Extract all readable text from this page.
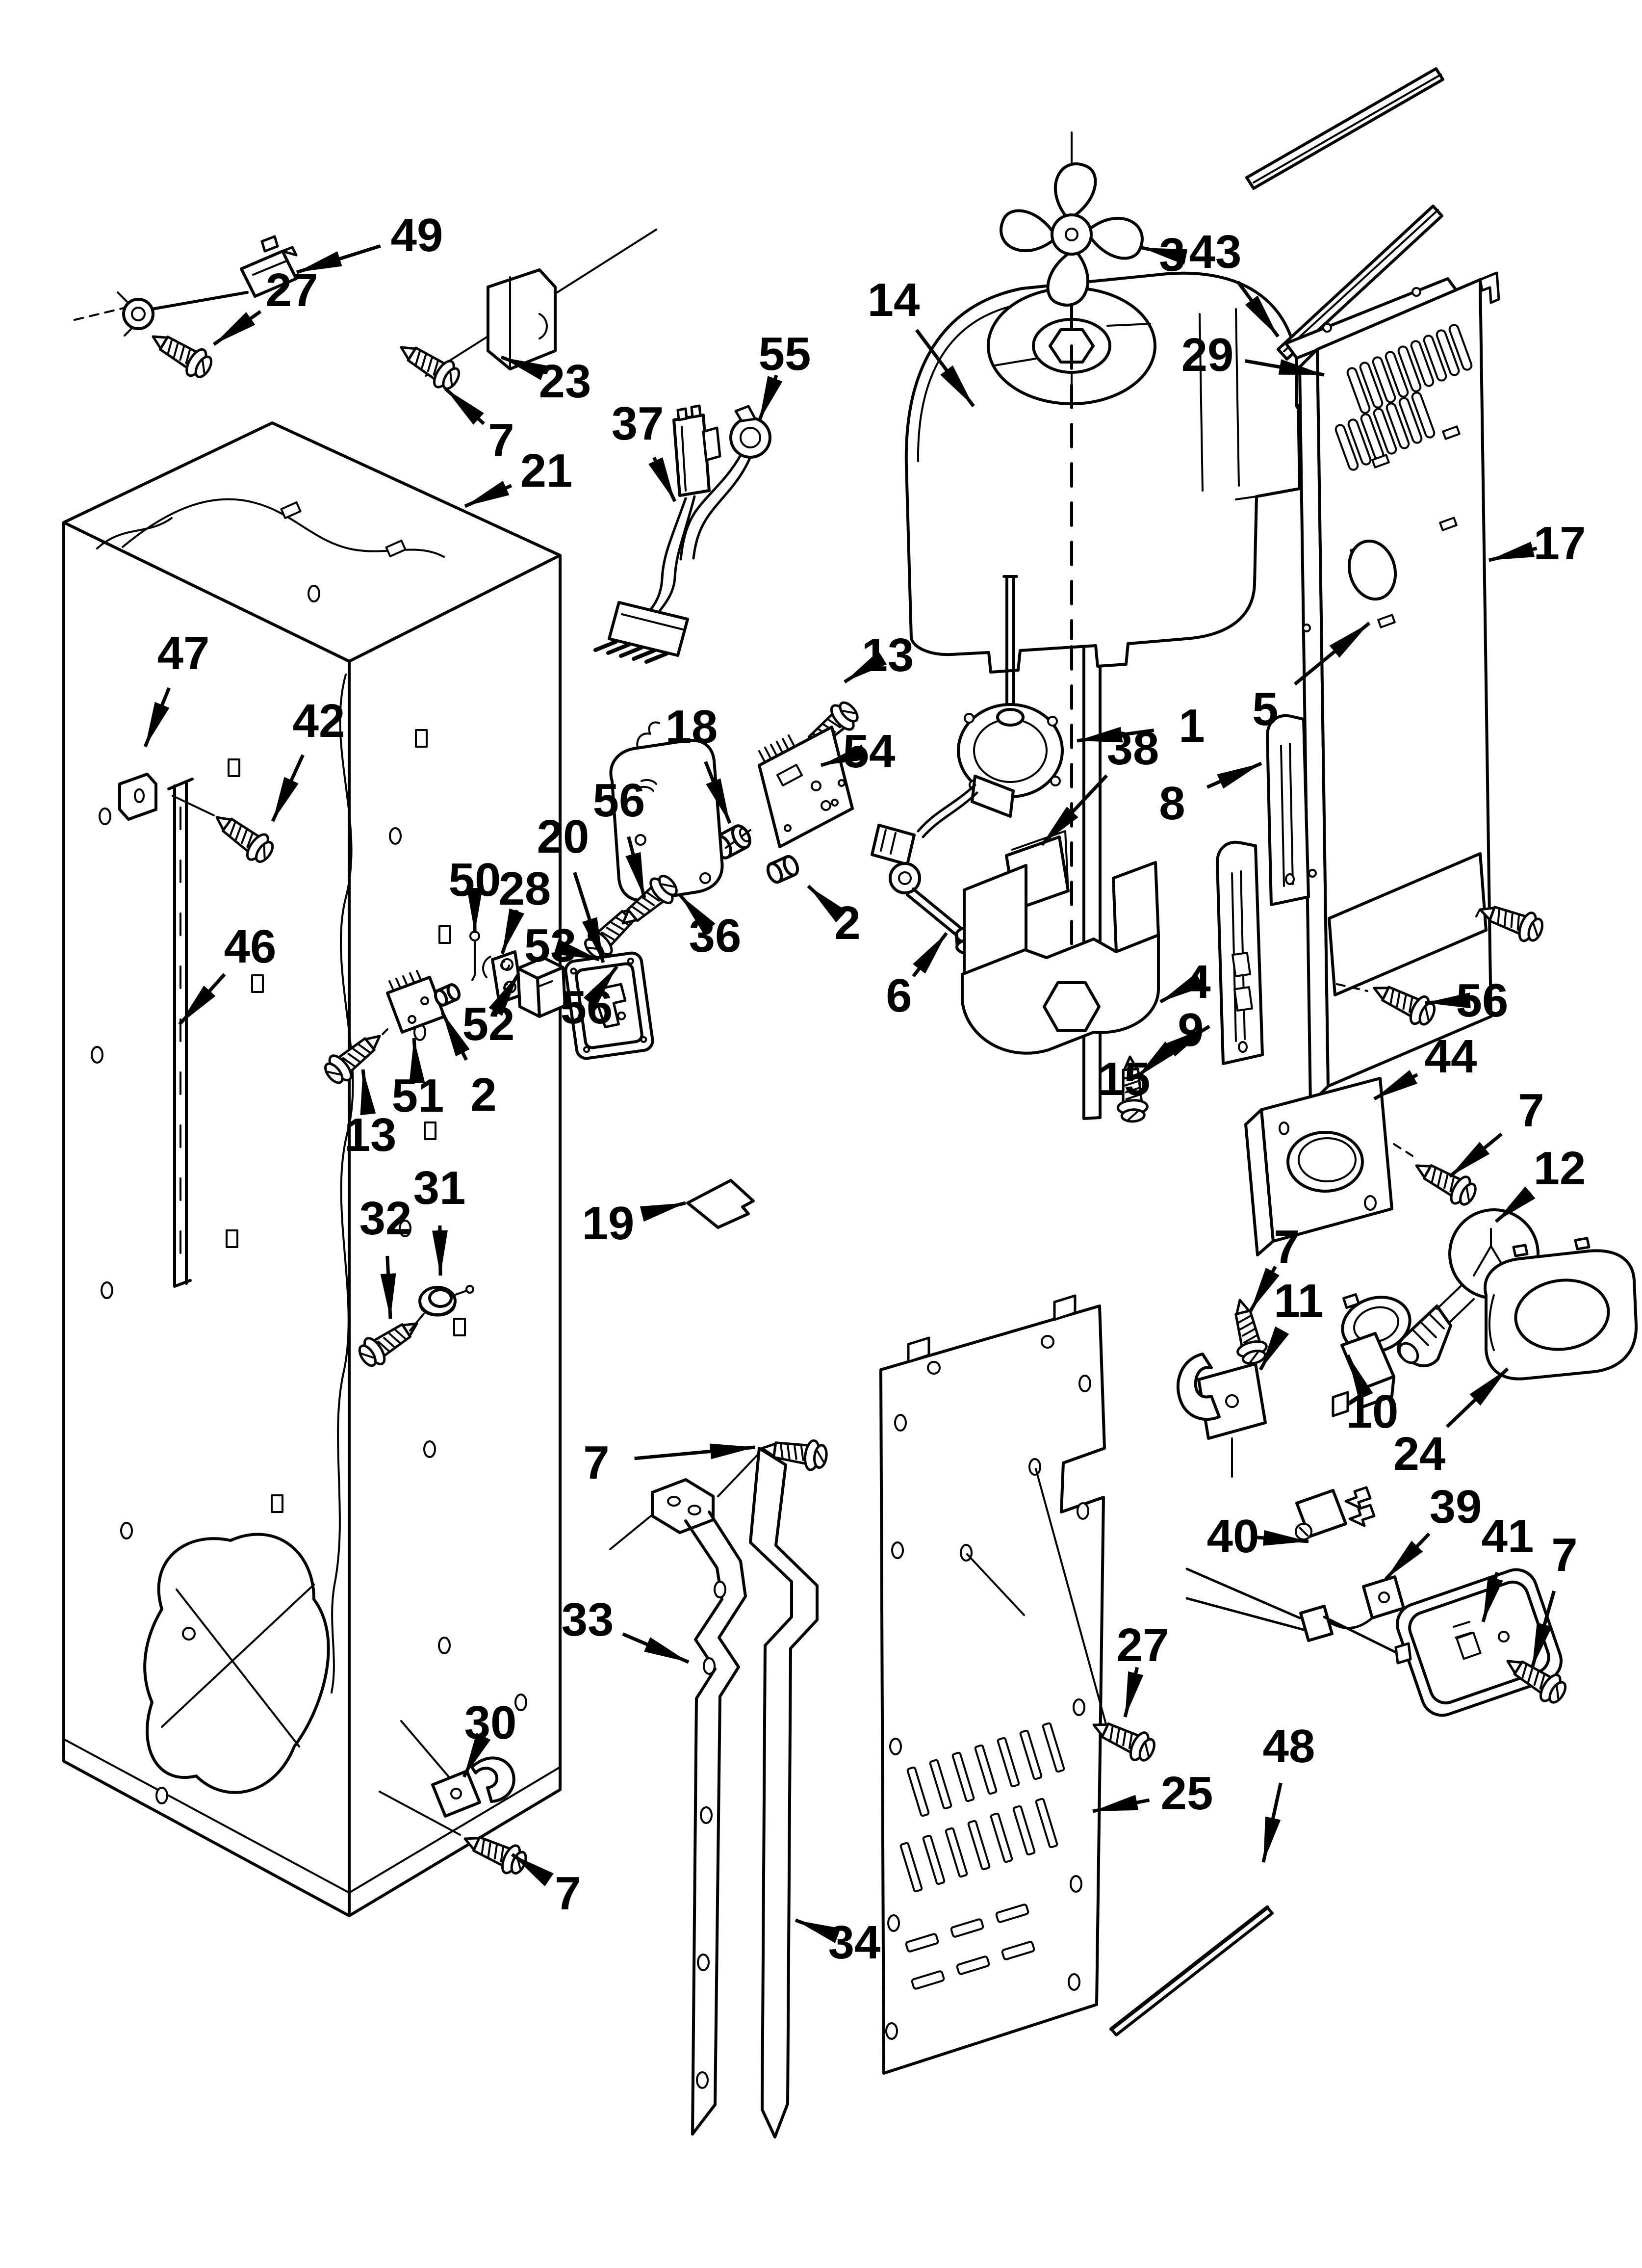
49
27
23
7
21
37
55
14
3 43
29
17
5
13
54
18
36 2
53
56
52
51 2
13
50
28
20
56
47
42
46
1
38
8
6	4
9
15
56
44
7
12
7
11
10
24
19
31
32
7
33
34
40
39
41 7
27
25
48
30
7
